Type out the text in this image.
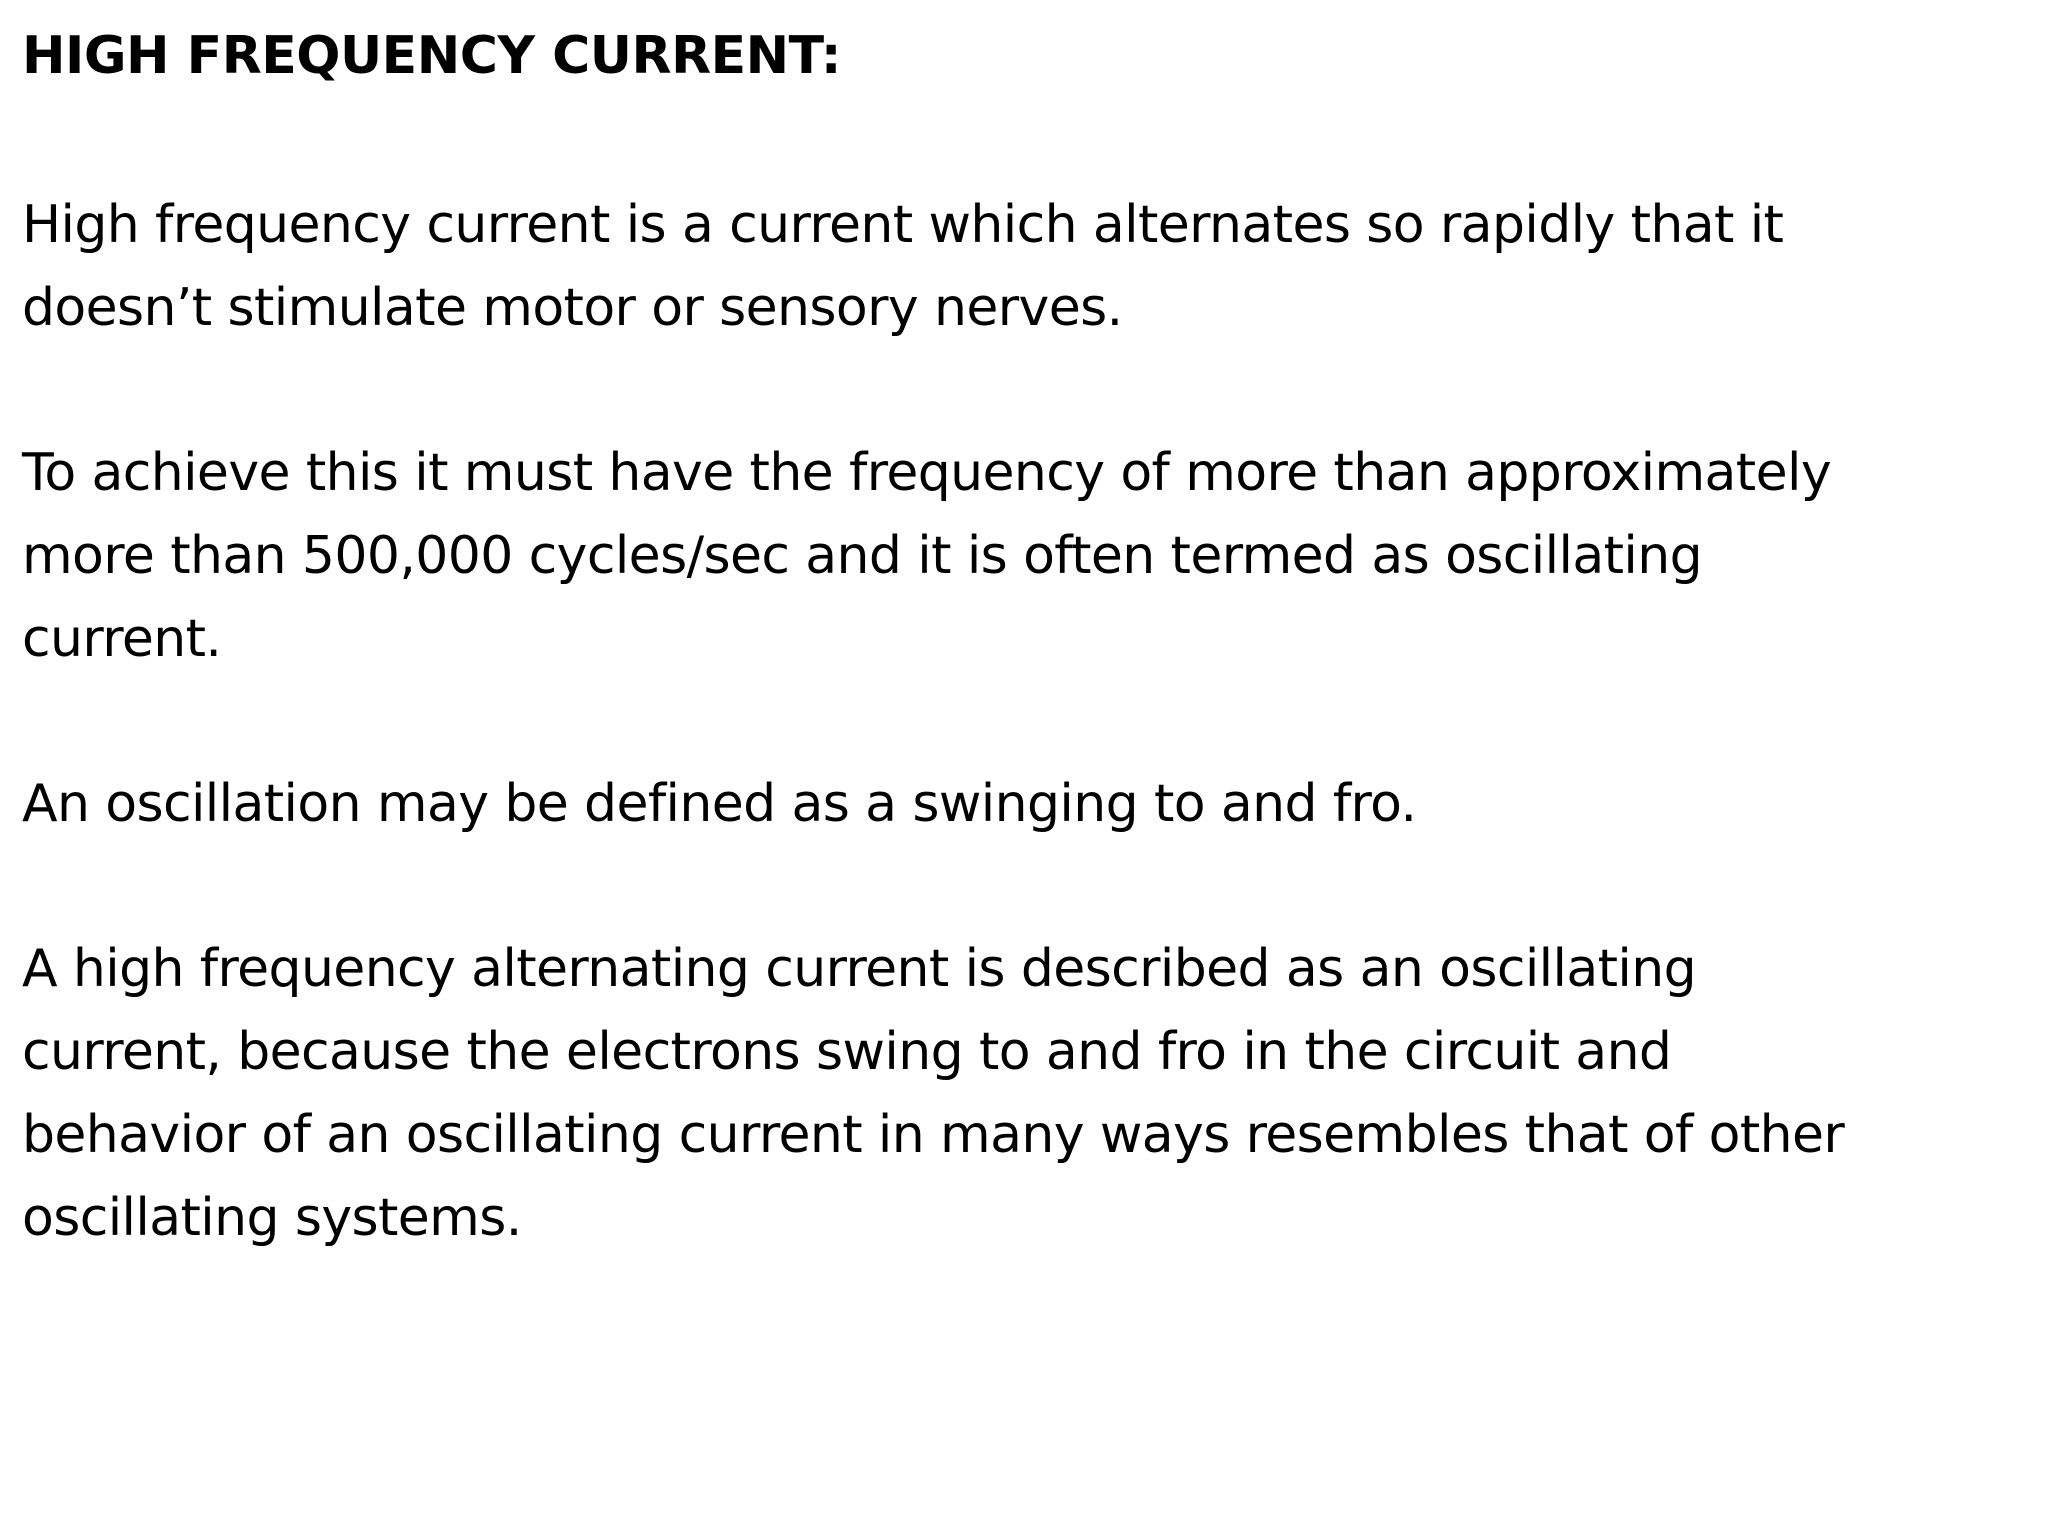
HIGH FREQUENCY CURRENT:
High frequency current is a current which alternates so rapidly that it
doesn’t stimulate motor or sensory nerves.
To achieve this it must have the frequency of more than approximately
more than 500,000 cycles/sec and it is often termed as oscillating
current.
An oscillation may be defined as a swinging to and fro.
A high frequency alternating current is described as an oscillating
current, because the electrons swing to and fro in the circuit and
behavior of an oscillating current in many ways resembles that of other
oscillating systems.
